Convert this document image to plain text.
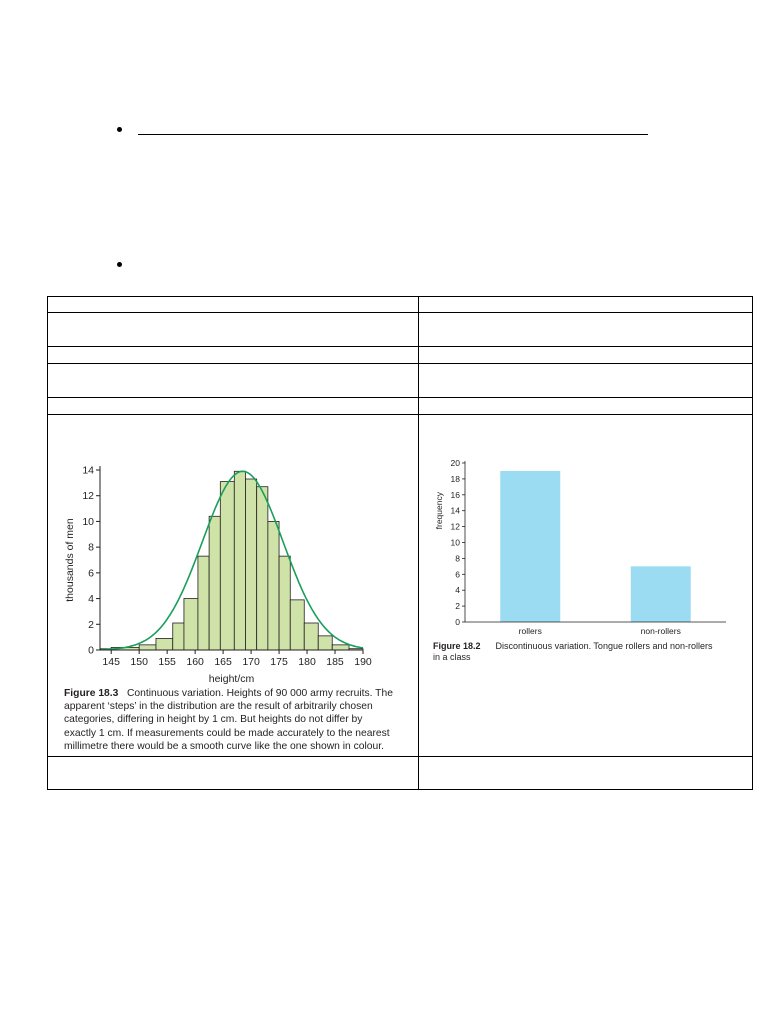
0
2
4
6
8
10
12
14
145 150 155 160 165 170 175 180 185 190
height/cm
thousands of men
Figure 18.3 Continuous variation. Heights of 90 000 army recruits. The
apparent ‘steps’ in the distribution are the result of arbitrarily chosen
categories, differing in height by 1 cm. But heights do not differ by
exactly 1 cm. If measurements could be made accurately to the nearest
millimetre there would be a smooth curve like the one shown in colour.
0
2
4
6
8
10
12
14
16
18
20
rollers	non-rollers
frequency
Figure 18.2 Discontinuous variation. Tongue rollers and non-rollers
in a class
